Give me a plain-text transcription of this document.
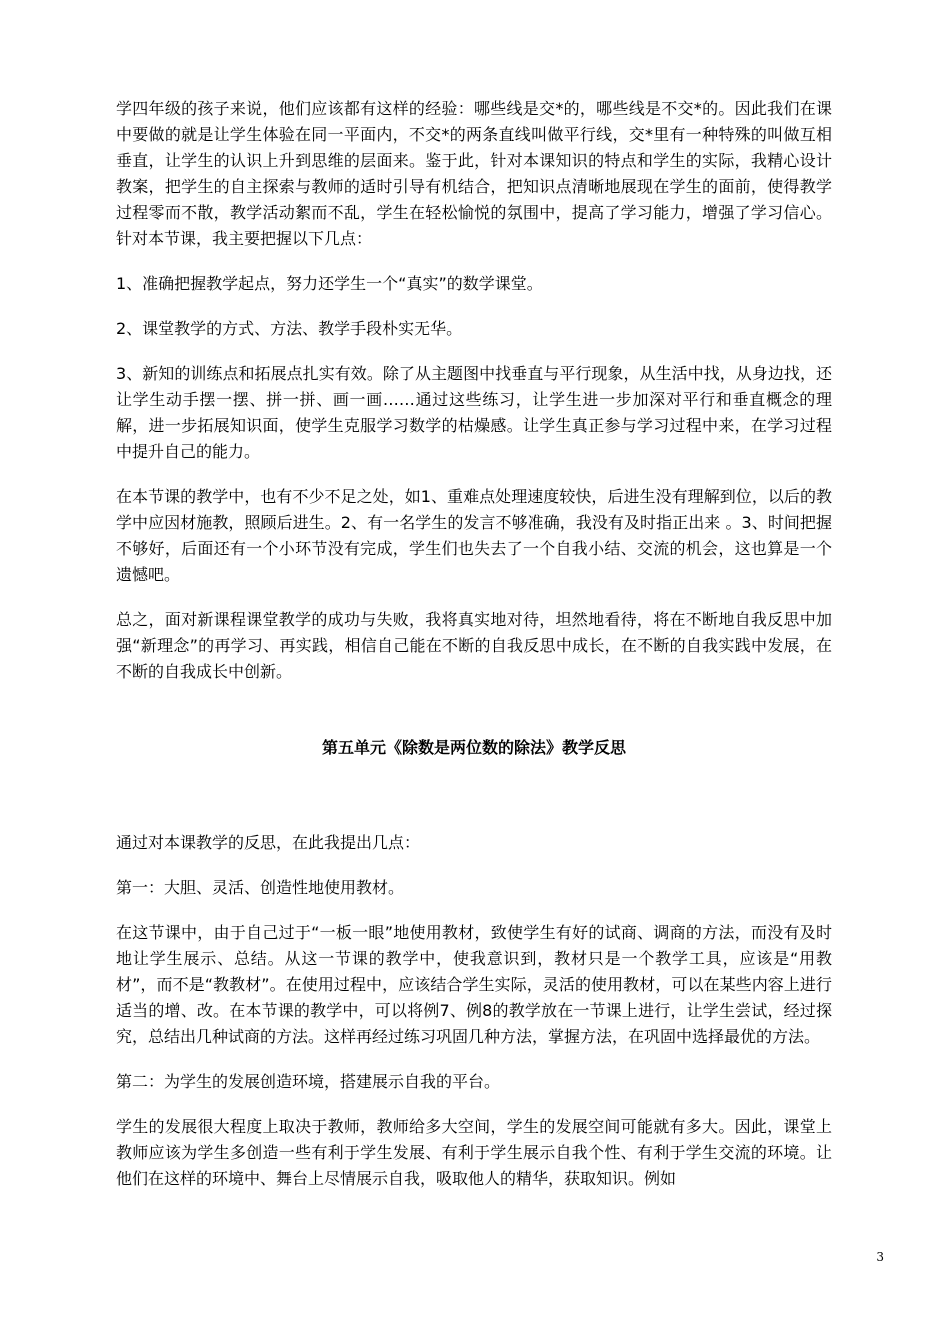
学四年级的孩子来说，他们应该都有这样的经验：哪些线是交*的，哪些线是不交*的。因此我们在课中要做的就是让学生体验在同一平面内，不交*的两条直线叫做平行线，交*里有一种特殊的叫做互相垂直，让学生的认识上升到思维的层面来。鉴于此，针对本课知识的特点和学生的实际，我精心设计教案，把学生的自主探索与教师的适时引导有机结合，把知识点清晰地展现在学生的面前，使得教学过程零而不散，教学活动絮而不乱，学生在轻松愉悦的氛围中，提高了学习能力，增强了学习信心。针对本节课，我主要把握以下几点：

1、准确把握教学起点，努力还学生一个“真实”的数学课堂。

2、课堂教学的方式、方法、教学手段朴实无华。

3、新知的训练点和拓展点扎实有效。除了从主题图中找垂直与平行现象，从生活中找，从身边找，还让学生动手摆一摆、拼一拼、画一画……通过这些练习，让学生进一步加深对平行和垂直概念的理解，进一步拓展知识面，使学生克服学习数学的枯燥感。让学生真正参与学习过程中来，在学习过程中提升自己的能力。

在本节课的教学中，也有不少不足之处，如1、重难点处理速度较快，后进生没有理解到位，以后的教学中应因材施教，照顾后进生。2、有一名学生的发言不够准确，我没有及时指正出来 。3、时间把握不够好，后面还有一个小环节没有完成，学生们也失去了一个自我小结、交流的机会，这也算是一个遗憾吧。

总之，面对新课程课堂教学的成功与失败，我将真实地对待，坦然地看待，将在不断地自我反思中加强“新理念”的再学习、再实践，相信自己能在不断的自我反思中成长，在不断的自我实践中发展，在不断的自我成长中创新。

第五单元《除数是两位数的除法》教学反思

通过对本课教学的反思，在此我提出几点：

第一：大胆、灵活、创造性地使用教材。

在这节课中，由于自己过于“一板一眼”地使用教材，致使学生有好的试商、调商的方法，而没有及时地让学生展示、总结。从这一节课的教学中，使我意识到，教材只是一个教学工具，应该是“用教材”，而不是“教教材”。在使用过程中，应该结合学生实际，灵活的使用教材，可以在某些内容上进行适当的增、改。在本节课的教学中，可以将例7、例8的教学放在一节课上进行，让学生尝试，经过探究，总结出几种试商的方法。这样再经过练习巩固几种方法，掌握方法，在巩固中选择最优的方法。

第二：为学生的发展创造环境，搭建展示自我的平台。

学生的发展很大程度上取决于教师，教师给多大空间，学生的发展空间可能就有多大。因此，课堂上教师应该为学生多创造一些有利于学生发展、有利于学生展示自我个性、有利于学生交流的环境。让他们在这样的环境中、舞台上尽情展示自我，吸取他人的精华，获取知识。例如

3
